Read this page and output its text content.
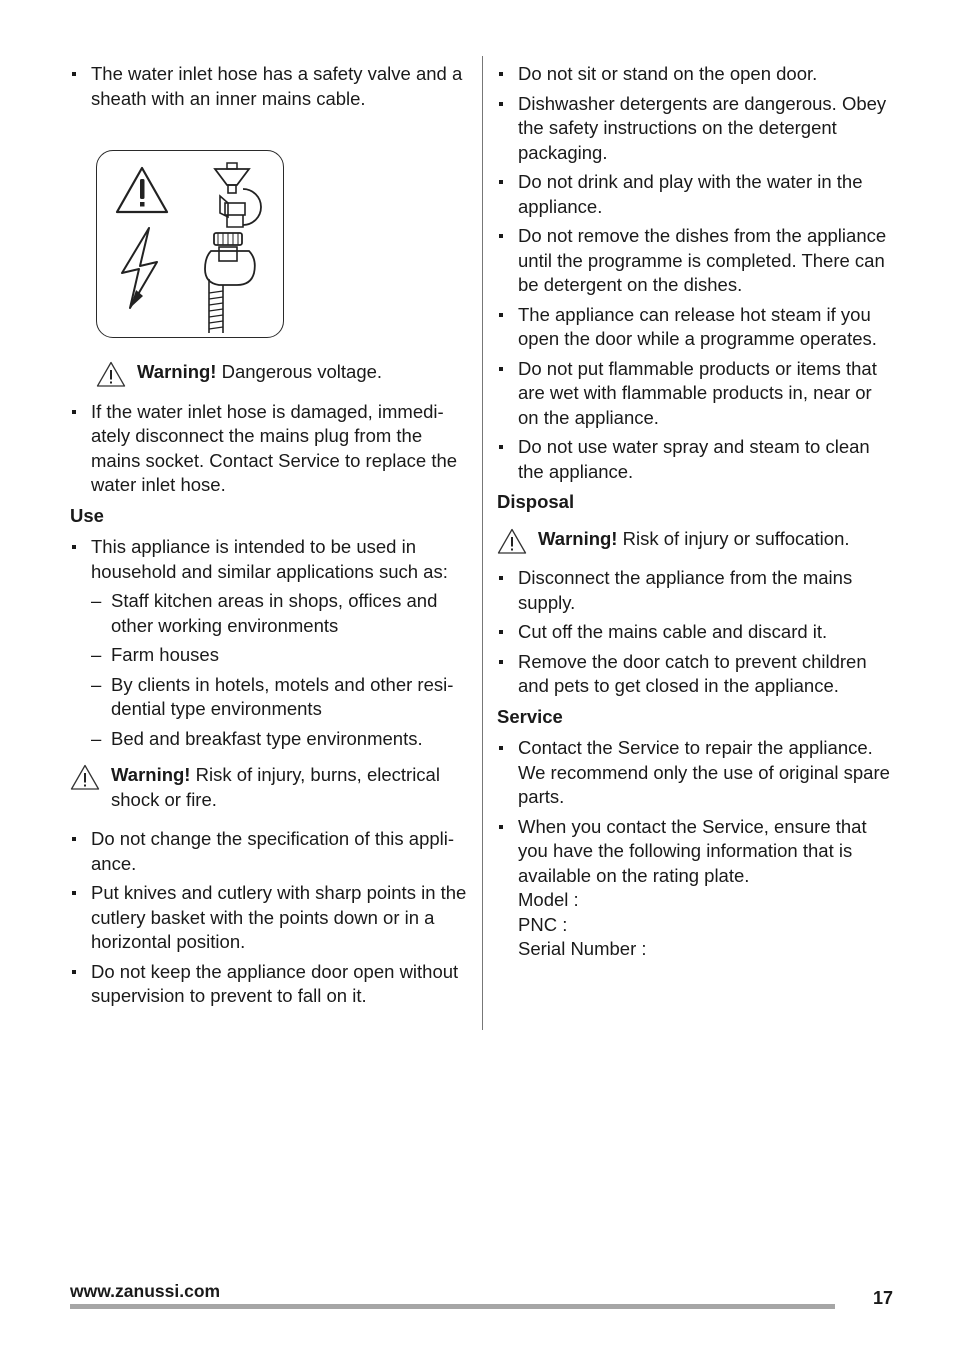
The water inlet hose has a safety valve and a sheath with an inner mains cable.
Warning! Dangerous voltage.
If the water inlet hose is damaged, immedi-ately disconnect the mains plug from the mains socket. Contact Service to replace the water inlet hose.
Use
This appliance is intended to be used in household and similar applications such as:
– Staff kitchen areas in shops, offices and other working environments
– Farm houses
– By clients in hotels, motels and other resi-dential type environments
– Bed and breakfast type environments.
Warning! Risk of injury, burns, electrical shock or fire.
Do not change the specification of this appli-ance.
Put knives and cutlery with sharp points in the cutlery basket with the points down or in a horizontal position.
Do not keep the appliance door open without supervision to prevent to fall on it.
Do not sit or stand on the open door.
Dishwasher detergents are dangerous. Obey the safety instructions on the detergent packaging.
Do not drink and play with the water in the appliance.
Do not remove the dishes from the appliance until the programme is completed. There can be detergent on the dishes.
The appliance can release hot steam if you open the door while a programme operates.
Do not put flammable products or items that are wet with flammable products in, near or on the appliance.
Do not use water spray and steam to clean the appliance.
Disposal
Warning! Risk of injury or suffocation.
Disconnect the appliance from the mains supply.
Cut off the mains cable and discard it.
Remove the door catch to prevent children and pets to get closed in the appliance.
Service
Contact the Service to repair the appliance. We recommend only the use of original spare parts.
When you contact the Service, ensure that you have the following information that is available on the rating plate.
Model :
PNC :
Serial Number :
www.zanussi.com	17
